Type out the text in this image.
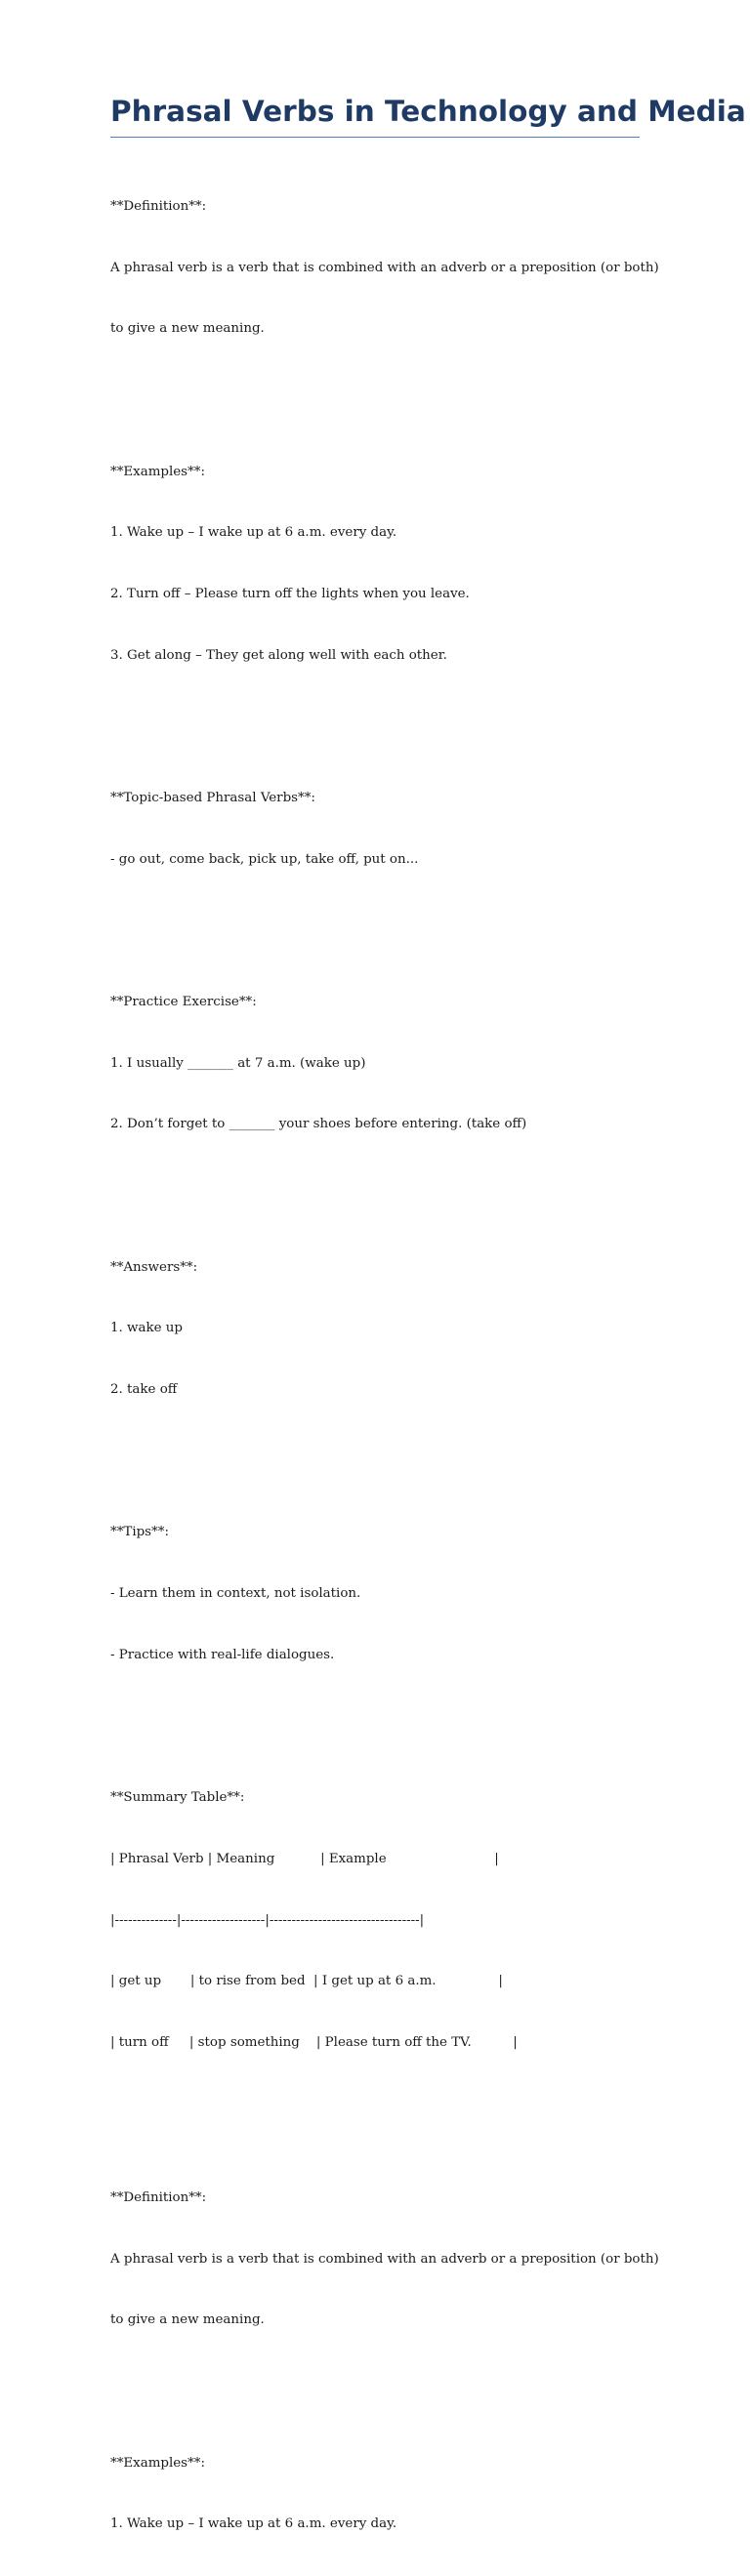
Phrasal Verbs in Technology and Media

**Definition**:

A phrasal verb is a verb that is combined with an adverb or a preposition (or both)

to give a new meaning.

**Examples**:

1. Wake up – I wake up at 6 a.m. every day.

2. Turn off – Please turn off the lights when you leave.

3. Get along – They get along well with each other.

**Topic-based Phrasal Verbs**:

- go out, come back, pick up, take off, put on...

**Practice Exercise**:

1. I usually _______ at 7 a.m. (wake up)

2. Don’t forget to _______ your shoes before entering. (take off)

**Answers**:

1. wake up

2. take off

**Tips**:

- Learn them in context, not isolation.

- Practice with real-life dialogues.

**Summary Table**:

| Phrasal Verb | Meaning           | Example                          |

|--------------|-------------------|----------------------------------|

| get up       | to rise from bed  | I get up at 6 a.m.               |

| turn off     | stop something    | Please turn off the TV.          |

**Definition**:

A phrasal verb is a verb that is combined with an adverb or a preposition (or both)

to give a new meaning.

**Examples**:

1. Wake up – I wake up at 6 a.m. every day.
